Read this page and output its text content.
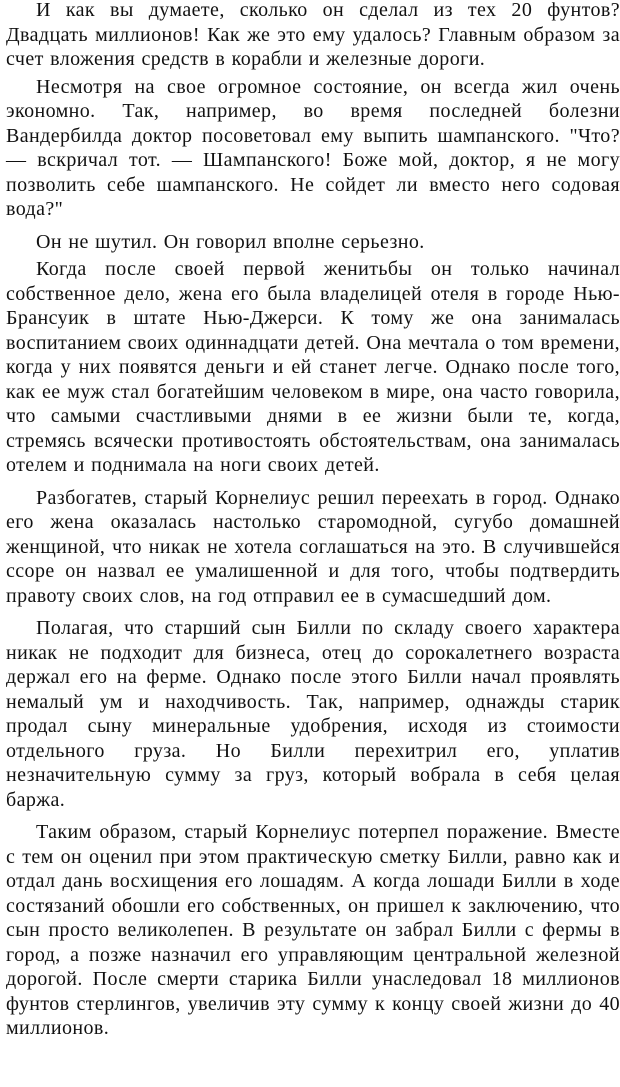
И как вы думаете, сколько он сделал из тех 20 фунтов? Двадцать миллионов! Как же это ему удалось? Главным образом за счет вложения средств в корабли и железные дороги.

Несмотря на свое огромное состояние, он всегда жил очень экономно. Так, например, во время последней болезни Вандербилда доктор посоветовал ему выпить шампанского. "Что? — вскричал тот. — Шампанского! Боже мой, доктор, я не могу позволить себе шампанского. Не сойдет ли вместо него содовая вода?"

Он не шутил. Он говорил вполне серьезно.

Когда после своей первой женитьбы он только начинал собственное дело, жена его была владелицей отеля в городе Нью-Брансуик в штате Нью-Джерси. К тому же она занималась воспитанием своих одиннадцати детей. Она мечтала о том времени, когда у них появятся деньги и ей станет легче. Однако после того, как ее муж стал богатейшим человеком в мире, она часто говорила, что самыми счастливыми днями в ее жизни были те, когда, стремясь всячески противостоять обстоятельствам, она занималась отелем и поднимала на ноги своих детей.

Разбогатев, старый Корнелиус решил переехать в город. Однако его жена оказалась настолько старомодной, сугубо домашней женщиной, что никак не хотела соглашаться на это. В случившейся ссоре он назвал ее умалишенной и для того, чтобы подтвердить правоту своих слов, на год отправил ее в сумасшедший дом.

Полагая, что старший сын Билли по складу своего характера никак не подходит для бизнеса, отец до сорокалетнего возраста держал его на ферме. Однако после этого Билли начал проявлять немалый ум и находчивость. Так, например, однажды старик продал сыну минеральные удобрения, исходя из стоимости отдельного груза. Но Билли перехитрил его, уплатив незначительную сумму за груз, который вобрала в себя целая баржа.

Таким образом, старый Корнелиус потерпел поражение. Вместе с тем он оценил при этом практическую сметку Билли, равно как и отдал дань восхищения его лошадям. А когда лошади Билли в ходе состязаний обошли его собственных, он пришел к заключению, что сын просто великолепен. В результате он забрал Билли с фермы в город, а позже назначил его управляющим центральной железной дорогой. После смерти старика Билли унаследовал 18 миллионов фунтов стерлингов, увеличив эту сумму к концу своей жизни до 40 миллионов.
